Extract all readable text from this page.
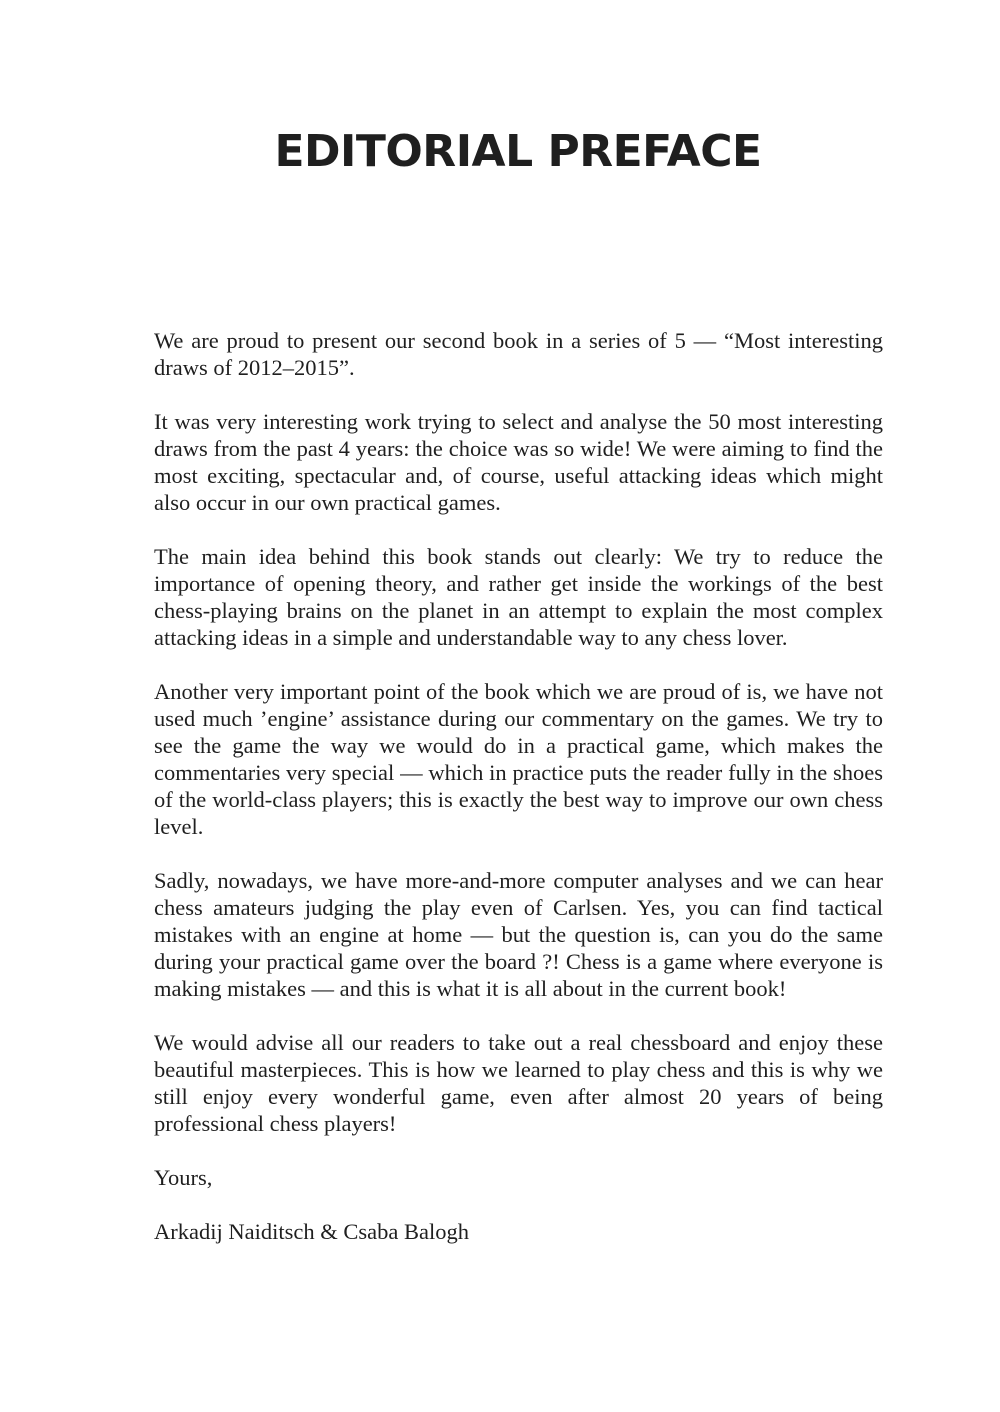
EDITORIAL PREFACE

We are proud to present our second book in a series of 5 — “Most interesting draws of 2012–2015”.

It was very interesting work trying to select and analyse the 50 most interesting draws from the past 4 years: the choice was so wide! We were aiming to find the most exciting, spectacular and, of course, useful attacking ideas which might also occur in our own practical games.

The main idea behind this book stands out clearly: We try to reduce the importance of opening theory, and rather get inside the workings of the best chess-playing brains on the planet in an attempt to explain the most complex attacking ideas in a simple and understandable way to any chess lover.

Another very important point of the book which we are proud of is, we have not used much ’engine’ assistance during our commentary on the games. We try to see the game the way we would do in a practical game, which makes the commentaries very special — which in practice puts the reader fully in the shoes of the world-class players; this is exactly the best way to improve our own chess level.

Sadly, nowadays, we have more-and-more computer analyses and we can hear chess amateurs judging the play even of Carlsen. Yes, you can find tactical mistakes with an engine at home — but the question is, can you do the same during your practical game over the board ?! Chess is a game where everyone is making mistakes — and this is what it is all about in the current book!

We would advise all our readers to take out a real chessboard and enjoy these beautiful masterpieces. This is how we learned to play chess and this is why we still enjoy every wonderful game, even after almost 20 years of being professional chess players!

Yours,

Arkadij Naiditsch & Csaba Balogh
